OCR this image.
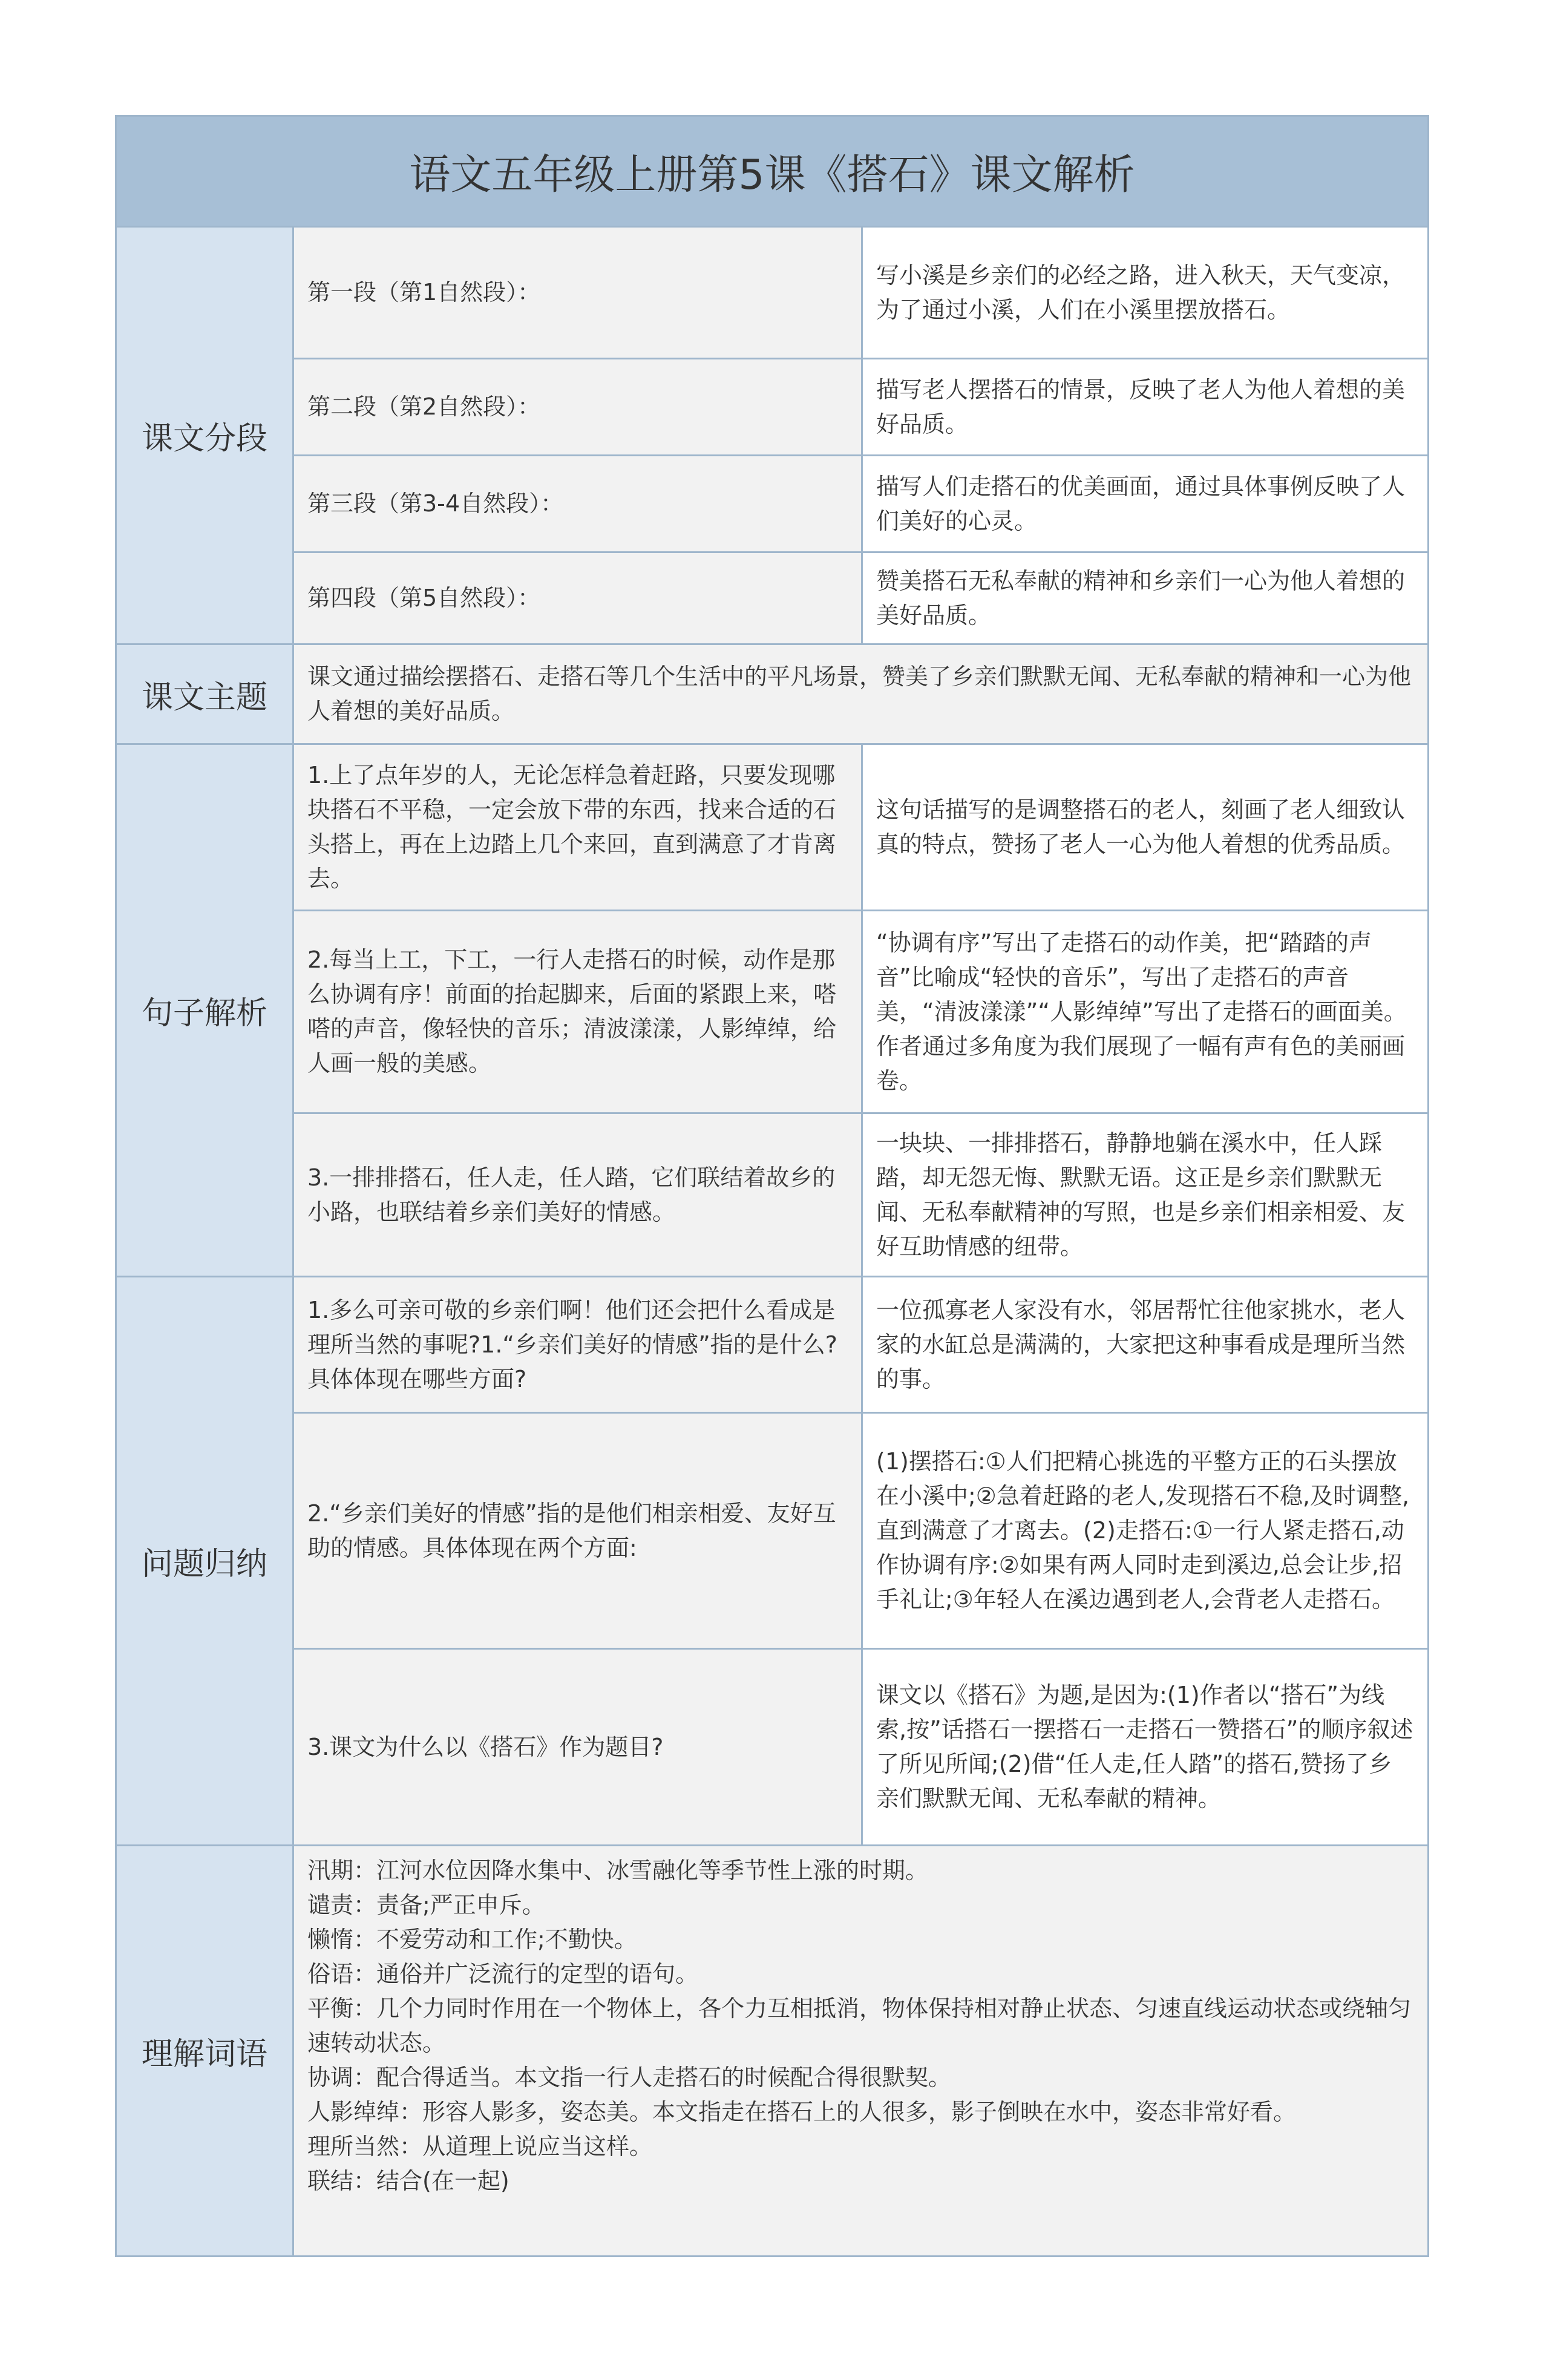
语文五年级上册第5课《搭石》课文解析
课文分段
第一段（第1自然段）：
写小溪是乡亲们的必经之路，进入秋天，天气变凉，为了通过小溪，人们在小溪里摆放搭石。
第二段（第2自然段）：
描写老人摆搭石的情景，反映了老人为他人着想的美好品质。
第三段（第3-4自然段）：
描写人们走搭石的优美画面，通过具体事例反映了人们美好的心灵。
第四段（第5自然段）：
赞美搭石无私奉献的精神和乡亲们一心为他人着想的美好品质。
课文主题
课文通过描绘摆搭石、走搭石等几个生活中的平凡场景，赞美了乡亲们默默无闻、无私奉献的精神和一心为他人着想的美好品质。
句子解析
1.上了点年岁的人，无论怎样急着赶路，只要发现哪块搭石不平稳，一定会放下带的东西，找来合适的石头搭上，再在上边踏上几个来回，直到满意了才肯离去。
这句话描写的是调整搭石的老人，刻画了老人细致认真的特点，赞扬了老人一心为他人着想的优秀品质。
2.每当上工，下工，一行人走搭石的时候，动作是那么协调有序！前面的抬起脚来，后面的紧跟上来，嗒嗒的声音，像轻快的音乐；清波漾漾，人影绰绰，给人画一般的美感。
“协调有序”写出了走搭石的动作美，把“踏踏的声音”比喻成“轻快的音乐”，写出了走搭石的声音美，“清波漾漾”“人影绰绰”写出了走搭石的画面美。作者通过多角度为我们展现了一幅有声有色的美丽画卷。
3.一排排搭石，任人走，任人踏，它们联结着故乡的小路，也联结着乡亲们美好的情感。
一块块、一排排搭石，静静地躺在溪水中，任人踩踏，却无怨无悔、默默无语。这正是乡亲们默默无闻、无私奉献精神的写照，也是乡亲们相亲相爱、友好互助情感的纽带。
问题归纳
1.多么可亲可敬的乡亲们啊！他们还会把什么看成是理所当然的事呢?1.“乡亲们美好的情感”指的是什么?具体体现在哪些方面?
一位孤寡老人家没有水，邻居帮忙往他家挑水，老人家的水缸总是满满的，大家把这种事看成是理所当然的事。
2.“乡亲们美好的情感”指的是他们相亲相爱、友好互助的情感。具体体现在两个方面:
(1)摆搭石:①人们把精心挑选的平整方正的石头摆放在小溪中;②急着赶路的老人,发现搭石不稳,及时调整,直到满意了才离去。(2)走搭石:①一行人紧走搭石,动作协调有序:②如果有两人同时走到溪边,总会让步,招手礼让;③年轻人在溪边遇到老人,会背老人走搭石。
3.课文为什么以《搭石》作为题目?
课文以《搭石》为题,是因为:(1)作者以“搭石”为线索,按”话搭石一摆搭石一走搭石一赞搭石”的顺序叙述了所见所闻;(2)借“任人走,任人踏”的搭石,赞扬了乡亲们默默无闻、无私奉献的精神。
理解词语
汛期：江河水位因降水集中、冰雪融化等季节性上涨的时期。
谴责：责备;严正申斥。
懒惰：不爱劳动和工作;不勤快。
俗语：通俗并广泛流行的定型的语句。
平衡：几个力同时作用在一个物体上，各个力互相抵消，物体保持相对静止状态、匀速直线运动状态或绕轴匀速转动状态。
协调：配合得适当。本文指一行人走搭石的时候配合得很默契。
人影绰绰：形容人影多，姿态美。本文指走在搭石上的人很多，影子倒映在水中，姿态非常好看。
理所当然：从道理上说应当这样。
联结：结合(在一起)
